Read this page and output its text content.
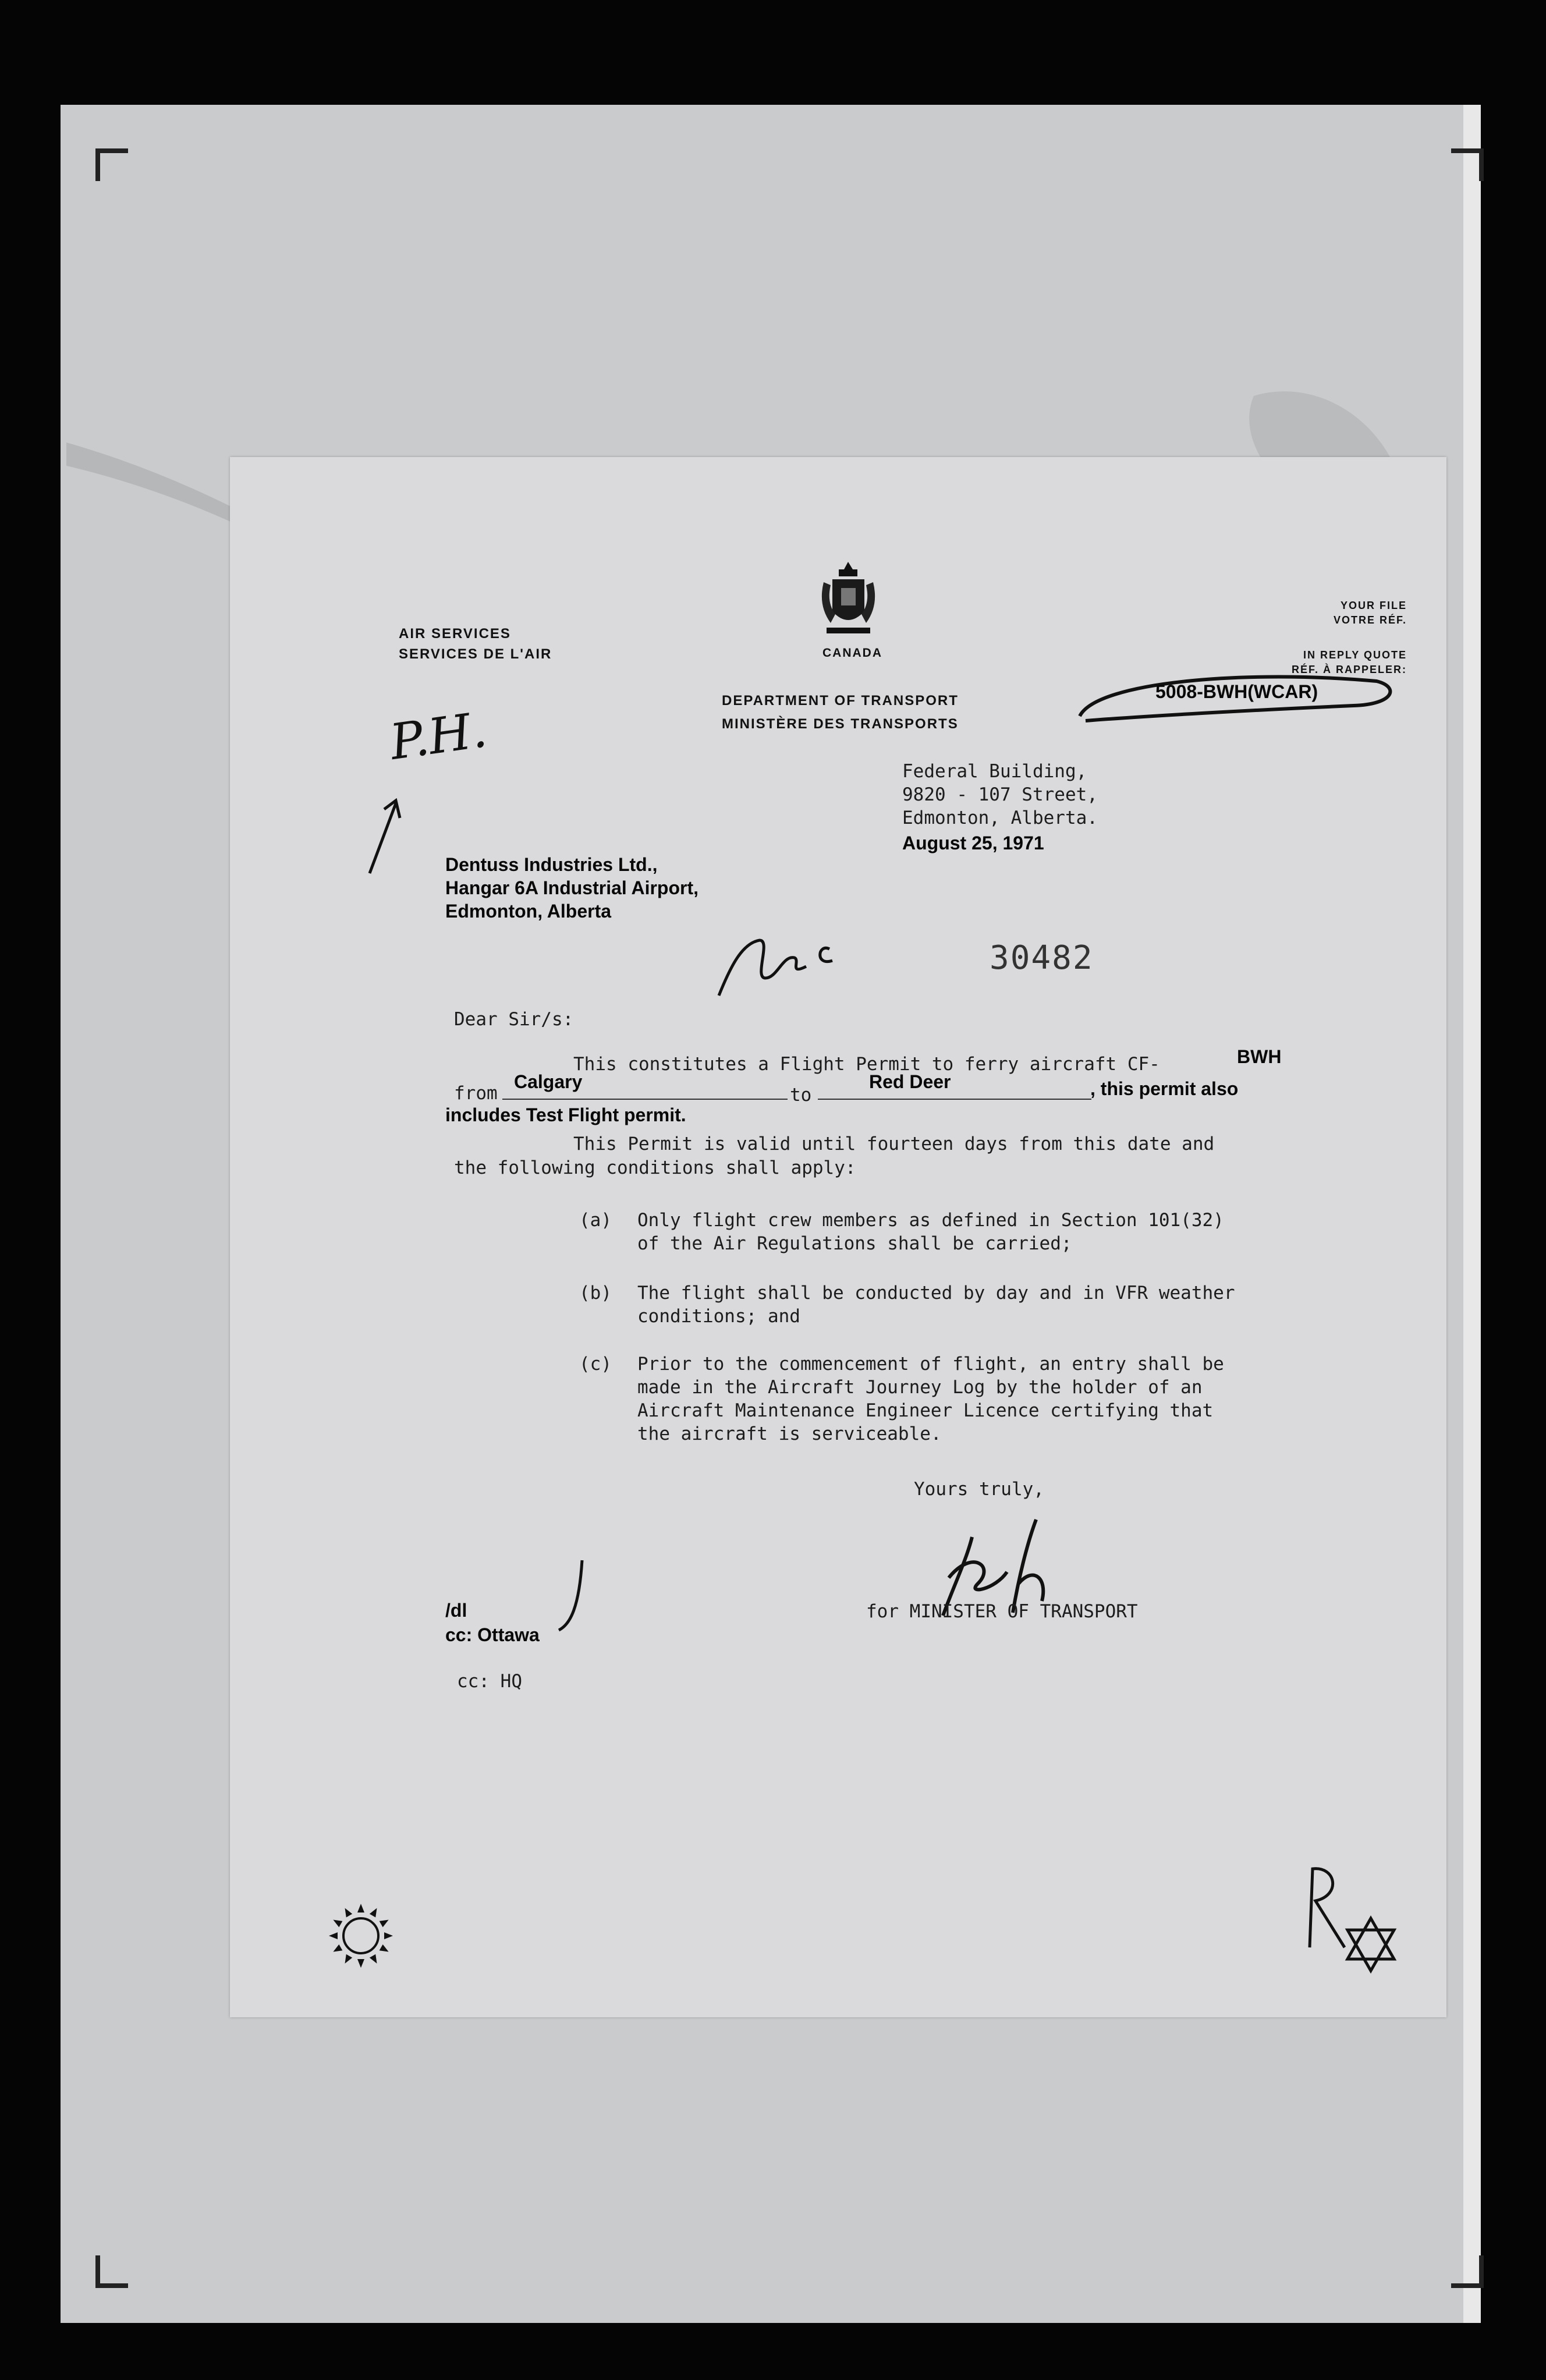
AIR SERVICES
SERVICES DE L'AIR	CANADA
DEPARTMENT OF TRANSPORT
MINISTÈRE DES TRANSPORTS
YOUR FILE
VOTRE RÉF.
IN REPLY QUOTE
RÉF. À RAPPELER:
5008-BWH(WCAR)
P.H.
Federal Building,
9820 - 107 Street,
Edmonton, Alberta.
August 25, 1971
Dentuss Industries Ltd.,
Hangar 6A Industrial Airport,
Edmonton, Alberta
30482
Dear Sir/s:
This constitutes a Flight Permit to ferry aircraft CF-	BWH
from
Calgary
to
Red Deer	, this permit also
includes Test Flight permit.
This Permit is valid until fourteen days from this date and
the following conditions shall apply:
(a) Only flight crew members as defined in Section 101(32)
of the Air Regulations shall be carried;
(b) The flight shall be conducted by day and in VFR weather
conditions; and
(c) Prior to the commencement of flight, an entry shall be
made in the Aircraft Journey Log by the holder of an
Aircraft Maintenance Engineer Licence certifying that
the aircraft is serviceable.
Yours truly,
for MINISTER OF TRANSPORT
/dl
cc: Ottawa
cc: HQ
